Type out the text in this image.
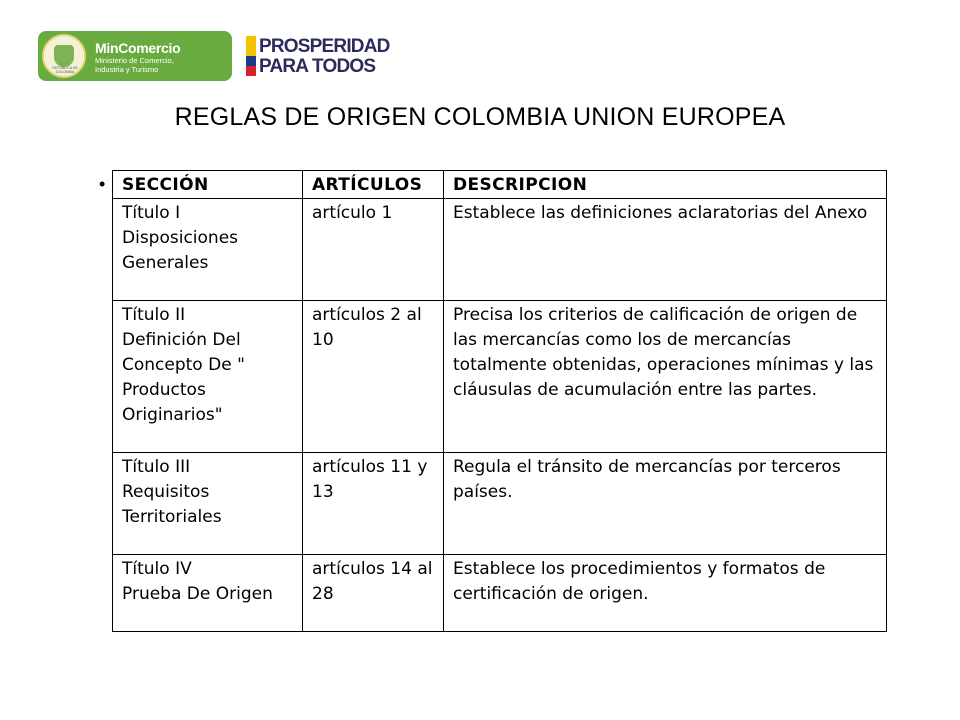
REPÚBLICA DE COLOMBIA
MinComercio
Ministerio de Comercio,
Industria y Turismo
PROSPERIDAD
PARA TODOS
REGLAS DE ORIGEN COLOMBIA UNION EUROPEA
• SECCIÓN	ARTÍCULOS	DESCRIPCION
Título I
Disposiciones
Generales	artículo 1	Establece las definiciones aclaratorias del Anexo
Título II
Definición Del
Concepto De "
Productos
Originarios"	artículos 2 al 10	Precisa los criterios de calificación de origen de las mercancías como los de mercancías totalmente obtenidas, operaciones mínimas y las cláusulas de acumulación entre las partes.
Título III
Requisitos
Territoriales	artículos 11 y 13	Regula el tránsito de mercancías por terceros países.
Título IV
Prueba De Origen	artículos 14 al 28	Establece los procedimientos y formatos de certificación de origen.
